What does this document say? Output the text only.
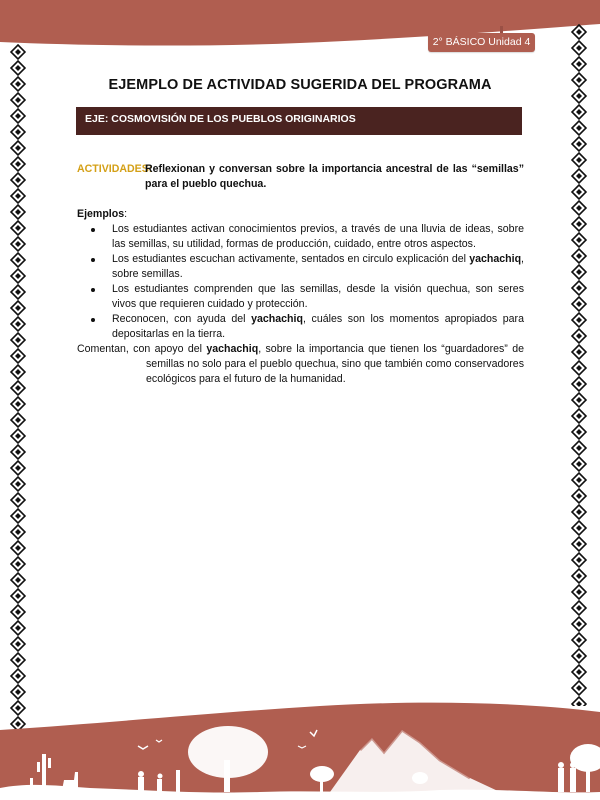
2° BÁSICO Unidad 4
EJEMPLO DE ACTIVIDAD SUGERIDA DEL PROGRAMA
EJE: COSMOVISIÓN DE LOS PUEBLOS ORIGINARIOS
ACTIVIDADES:
Reflexionan y conversan sobre la importancia ancestral de las “semillas” para el pueblo quechua.
Ejemplos:
Los estudiantes activan conocimientos previos, a través de una lluvia de ideas, sobre las semillas, su utilidad, formas de producción, cuidado, entre otros aspectos.
Los estudiantes escuchan activamente, sentados en circulo explicación del yachachiq, sobre semillas.
Los estudiantes comprenden que las semillas, desde la visión quechua, son seres vivos que requieren cuidado y protección.
Reconocen, con ayuda del yachachiq, cuáles son los momentos apropiados para depositarlas en la tierra.
Comentan, con apoyo del yachachiq, sobre la importancia que tienen los “guardadores” de semillas no solo para el pueblo quechua, sino que también como conservadores ecológicos para el futuro de la humanidad.
